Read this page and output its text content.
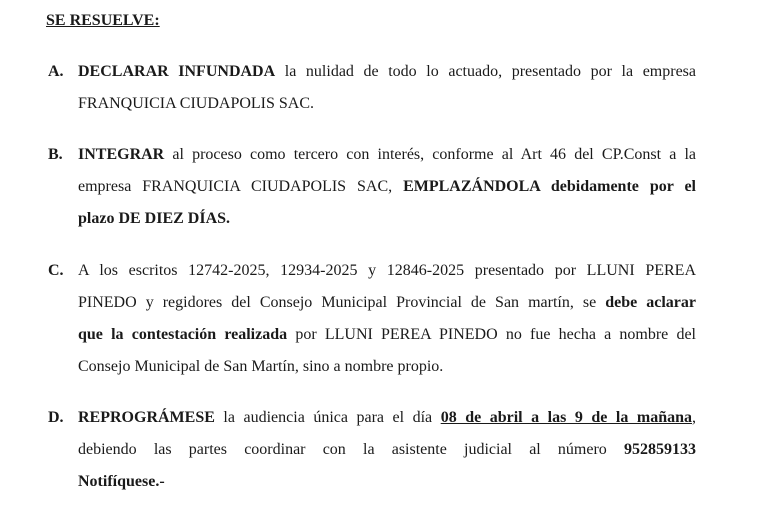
SE RESUELVE:
A. DECLARAR INFUNDADA la nulidad de todo lo actuado, presentado por la empresa
FRANQUICIA CIUDAPOLIS SAC.
B. INTEGRAR al proceso como tercero con interés, conforme al Art 46 del CP.Const a la
empresa FRANQUICIA CIUDAPOLIS SAC, EMPLAZÁNDOLA debidamente por el
plazo DE DIEZ DÍAS.
C. A los escritos 12742-2025, 12934-2025 y 12846-2025 presentado por LLUNI PEREA
PINEDO y regidores del Consejo Municipal Provincial de San martín, se debe aclarar
que la contestación realizada por LLUNI PEREA PINEDO no fue hecha a nombre del
Consejo Municipal de San Martín, sino a nombre propio.
D. REPROGRÁMESE la audiencia única para el día 08 de abril a las 9 de la mañana,
debiendo las partes coordinar con la asistente judicial al número 952859133
Notifíquese.-
